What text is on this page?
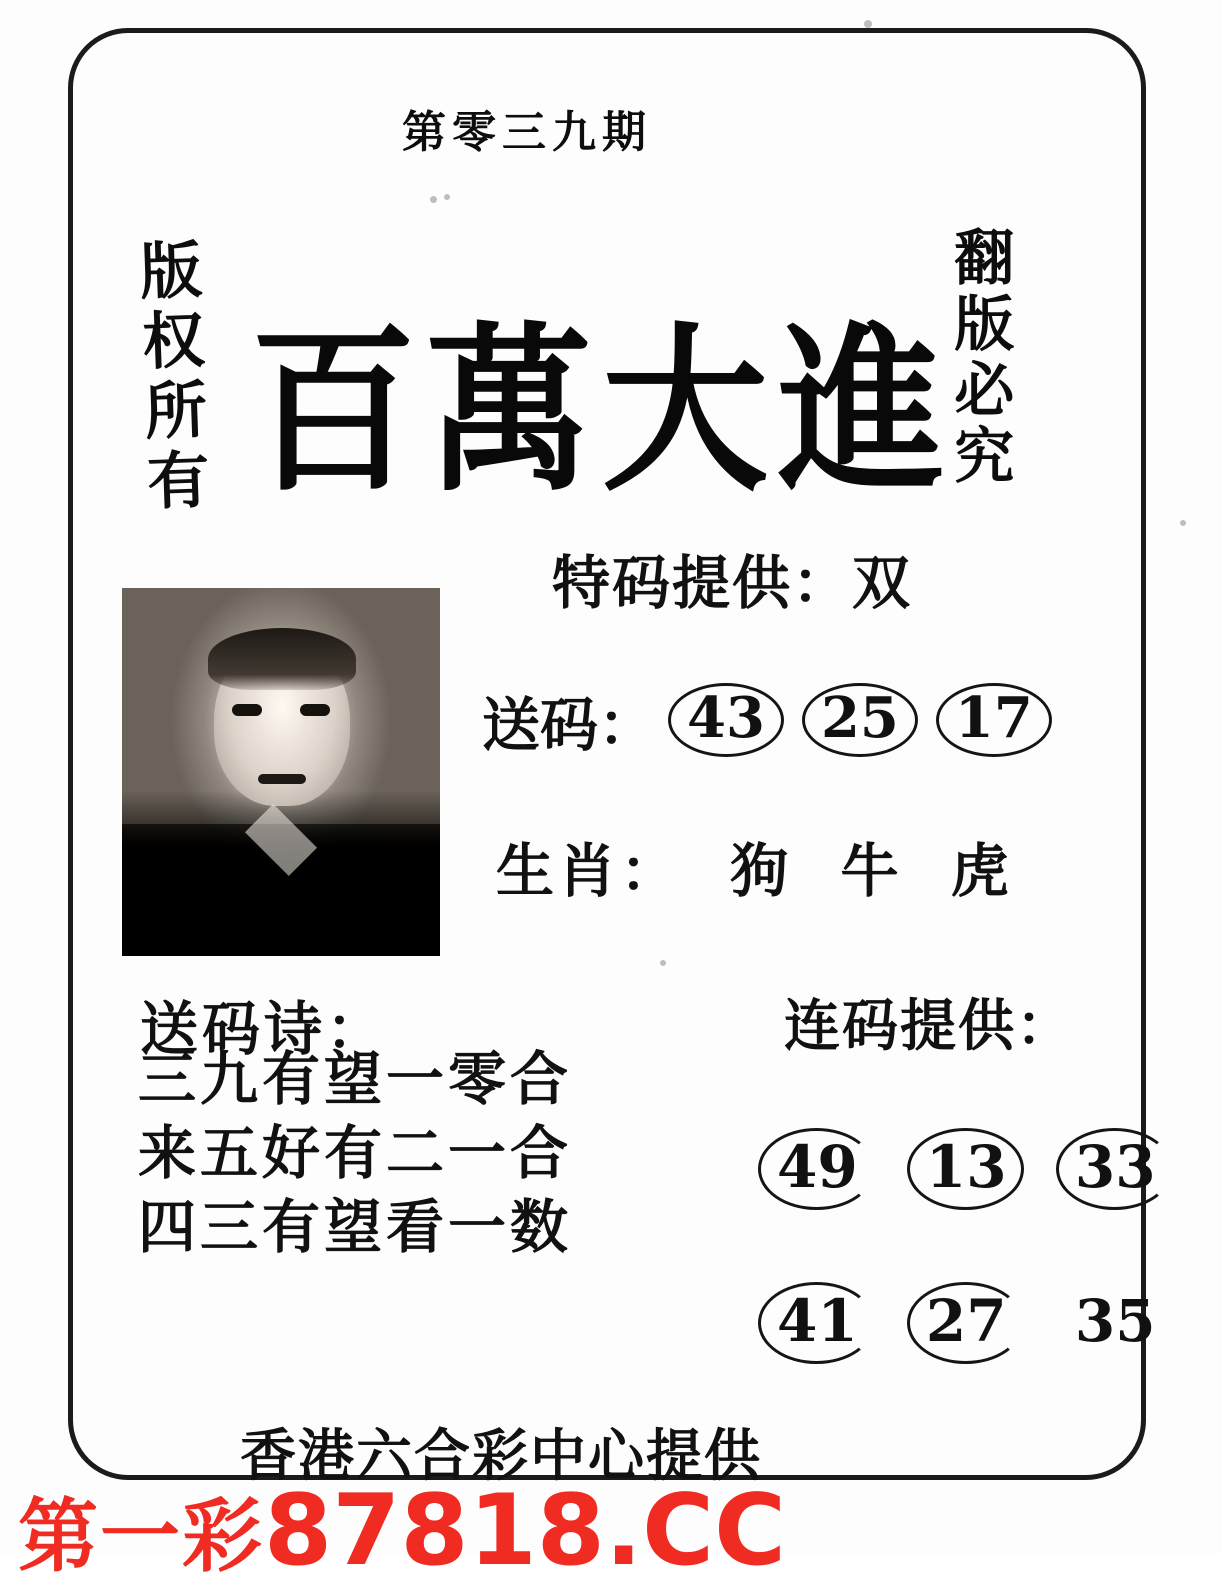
第零三九期
版权所有	翻版必究
百萬大進
特码提供：双
送码： 43	25	17
生肖： 狗 牛 虎
送码诗：
三九有望一零合
来五好有二一合
四三有望看一数
连码提供：
49 13 33
41 27 35
香港六合彩中心提供
第一彩87818.CC
